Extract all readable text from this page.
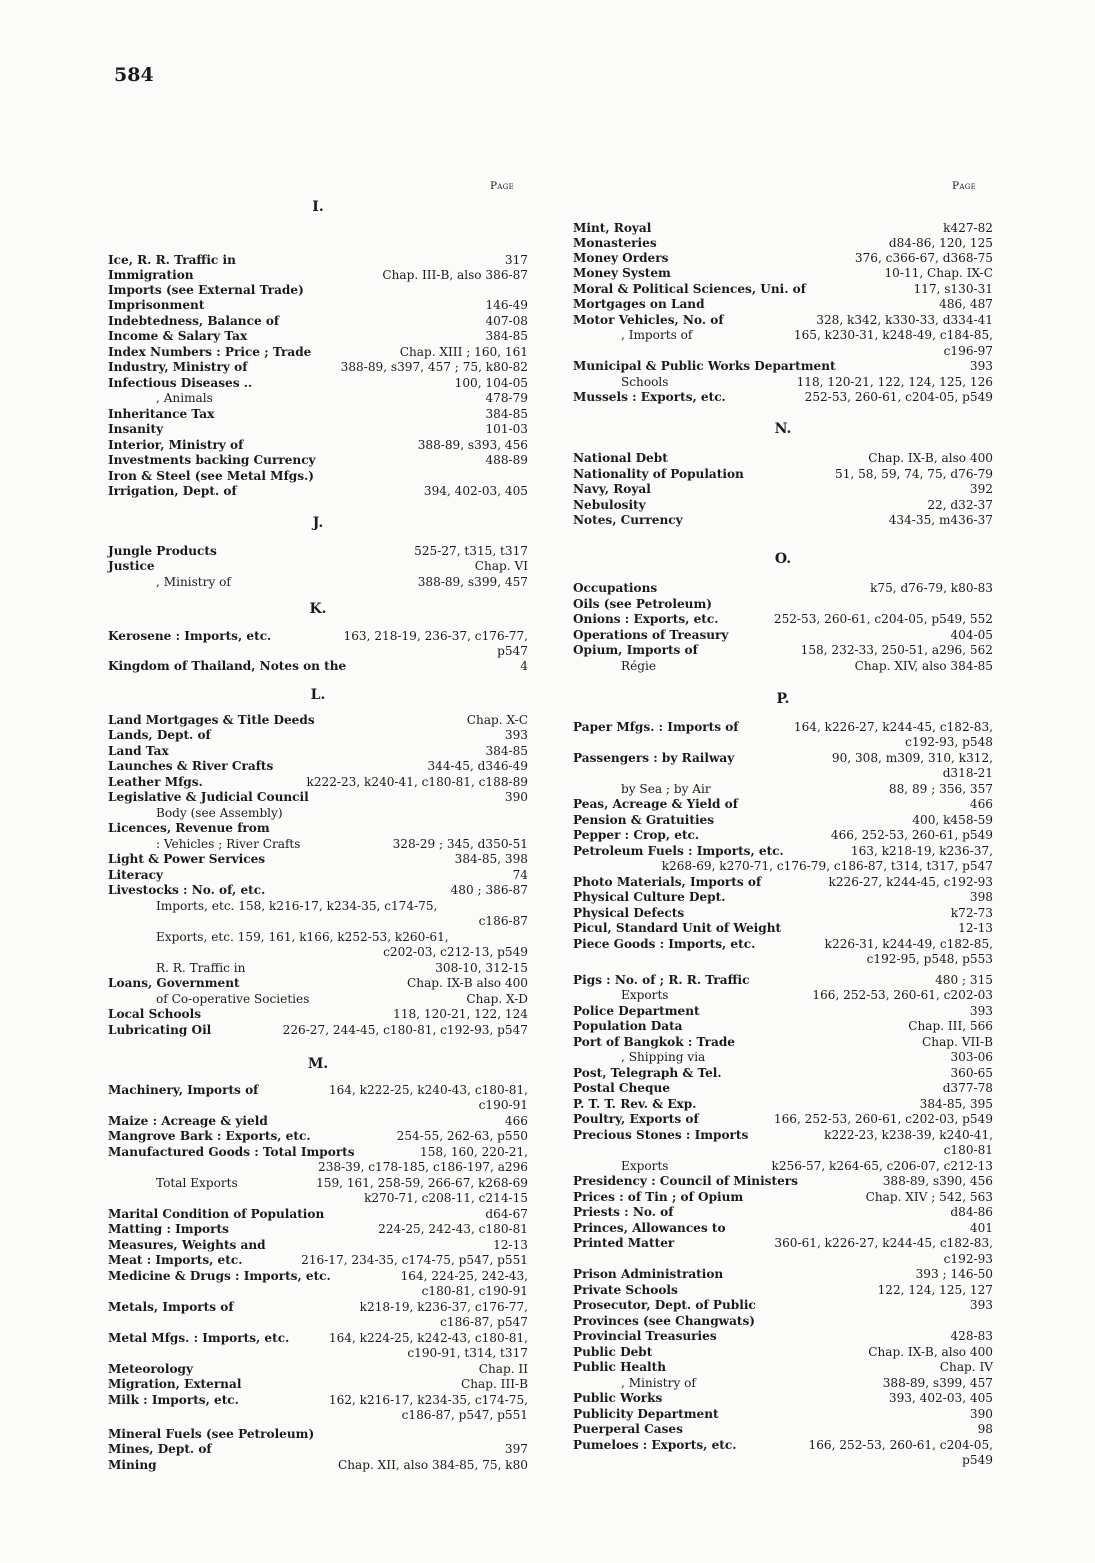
584
Page	Page
I.
Ice, R. R. Traffic in	317
Immigration	Chap. III-B, also 386-87
Imports (see External Trade)
Imprisonment	146-49
Indebtedness, Balance of	407-08
Income & Salary Tax	384-85
Index Numbers : Price ; Trade	Chap. XIII ; 160, 161
Industry, Ministry of	388-89, s397, 457 ; 75, k80-82
Infectious Diseases ..	100, 104-05
, Animals	478-79
Inheritance Tax	384-85
Insanity	101-03
Interior, Ministry of	388-89, s393, 456
Investments backing Currency	488-89
Iron & Steel (see Metal Mfgs.)
Irrigation, Dept. of	394, 402-03, 405
J.
Jungle Products	525-27, t315, t317
Justice	Chap. VI
, Ministry of	388-89, s399, 457
K.
Kerosene : Imports, etc.	163, 218-19, 236-37, c176-77,
p547
Kingdom of Thailand, Notes on the	4
L.
Land Mortgages & Title Deeds	Chap. X-C
Lands, Dept. of	393
Land Tax	384-85
Launches & River Crafts	344-45, d346-49
Leather Mfgs.	k222-23, k240-41, c180-81, c188-89
Legislative & Judicial Council	390
Body (see Assembly)
Licences, Revenue from
: Vehicles ; River Crafts	328-29 ; 345, d350-51
Light & Power Services	384-85, 398
Literacy	74
Livestocks : No. of, etc.	480 ; 386-87
Imports, etc. 158, k216-17, k234-35, c174-75,
c186-87
Exports, etc. 159, 161, k166, k252-53, k260-61,
c202-03, c212-13, p549
R. R. Traffic in	308-10, 312-15
Loans, Government	Chap. IX-B also 400
of Co-operative Societies	Chap. X-D
Local Schools	118, 120-21, 122, 124
Lubricating Oil	226-27, 244-45, c180-81, c192-93, p547
M.
Machinery, Imports of	164, k222-25, k240-43, c180-81,
c190-91
Maize : Acreage & yield	466
Mangrove Bark : Exports, etc.	254-55, 262-63, p550
Manufactured Goods : Total Imports	158, 160, 220-21,
238-39, c178-185, c186-197, a296
Total Exports	159, 161, 258-59, 266-67, k268-69
k270-71, c208-11, c214-15
Marital Condition of Population	d64-67
Matting : Imports	224-25, 242-43, c180-81
Measures, Weights and	12-13
Meat : Imports, etc.	216-17, 234-35, c174-75, p547, p551
Medicine & Drugs : Imports, etc.	164, 224-25, 242-43,
c180-81, c190-91
Metals, Imports of	k218-19, k236-37, c176-77,
c186-87, p547
Metal Mfgs. : Imports, etc.	164, k224-25, k242-43, c180-81,
c190-91, t314, t317
Meteorology	Chap. II
Migration, External	Chap. III-B
Milk : Imports, etc.	162, k216-17, k234-35, c174-75,
c186-87, p547, p551
Mineral Fuels (see Petroleum)
Mines, Dept. of	397
Mining	Chap. XII, also 384-85, 75, k80
Mint, Royal	k427-82
Monasteries	d84-86, 120, 125
Money Orders	376, c366-67, d368-75
Money System	10-11, Chap. IX-C
Moral & Political Sciences, Uni. of	117, s130-31
Mortgages on Land	486, 487
Motor Vehicles, No. of	328, k342, k330-33, d334-41
, Imports of	165, k230-31, k248-49, c184-85,
c196-97
Municipal & Public Works Department	393
Schools	118, 120-21, 122, 124, 125, 126
Mussels : Exports, etc.	252-53, 260-61, c204-05, p549
N.
National Debt	Chap. IX-B, also 400
Nationality of Population	51, 58, 59, 74, 75, d76-79
Navy, Royal	392
Nebulosity	22, d32-37
Notes, Currency	434-35, m436-37
O.
Occupations	k75, d76-79, k80-83
Oils (see Petroleum)
Onions : Exports, etc.	252-53, 260-61, c204-05, p549, 552
Operations of Treasury	404-05
Opium, Imports of	158, 232-33, 250-51, a296, 562
Régie	Chap. XIV, also 384-85
P.
Paper Mfgs. : Imports of	164, k226-27, k244-45, c182-83,
c192-93, p548
Passengers : by Railway	90, 308, m309, 310, k312,
d318-21
by Sea ; by Air	88, 89 ; 356, 357
Peas, Acreage & Yield of	466
Pension & Gratuities	400, k458-59
Pepper : Crop, etc.	466, 252-53, 260-61, p549
Petroleum Fuels : Imports, etc.	163, k218-19, k236-37,
k268-69, k270-71, c176-79, c186-87, t314, t317, p547
Photo Materials, Imports of	k226-27, k244-45, c192-93
Physical Culture Dept.	398
Physical Defects	k72-73
Picul, Standard Unit of Weight	12-13
Piece Goods : Imports, etc.	k226-31, k244-49, c182-85,
c192-95, p548, p553
Pigs : No. of ; R. R. Traffic	480 ; 315
Exports	166, 252-53, 260-61, c202-03
Police Department	393
Population Data	Chap. III, 566
Port of Bangkok : Trade	Chap. VII-B
, Shipping via	303-06
Post, Telegraph & Tel.	360-65
Postal Cheque	d377-78
P. T. T. Rev. & Exp.	384-85, 395
Poultry, Exports of	166, 252-53, 260-61, c202-03, p549
Precious Stones : Imports	k222-23, k238-39, k240-41,
c180-81
Exports	k256-57, k264-65, c206-07, c212-13
Presidency : Council of Ministers	388-89, s390, 456
Prices : of Tin ; of Opium	Chap. XIV ; 542, 563
Priests : No. of	d84-86
Princes, Allowances to	401
Printed Matter	360-61, k226-27, k244-45, c182-83,
c192-93
Prison Administration	393 ; 146-50
Private Schools	122, 124, 125, 127
Prosecutor, Dept. of Public	393
Provinces (see Changwats)
Provincial Treasuries	428-83
Public Debt	Chap. IX-B, also 400
Public Health	Chap. IV
, Ministry of	388-89, s399, 457
Public Works	393, 402-03, 405
Publicity Department	390
Puerperal Cases	98
Pumeloes : Exports, etc.	166, 252-53, 260-61, c204-05,
p549
